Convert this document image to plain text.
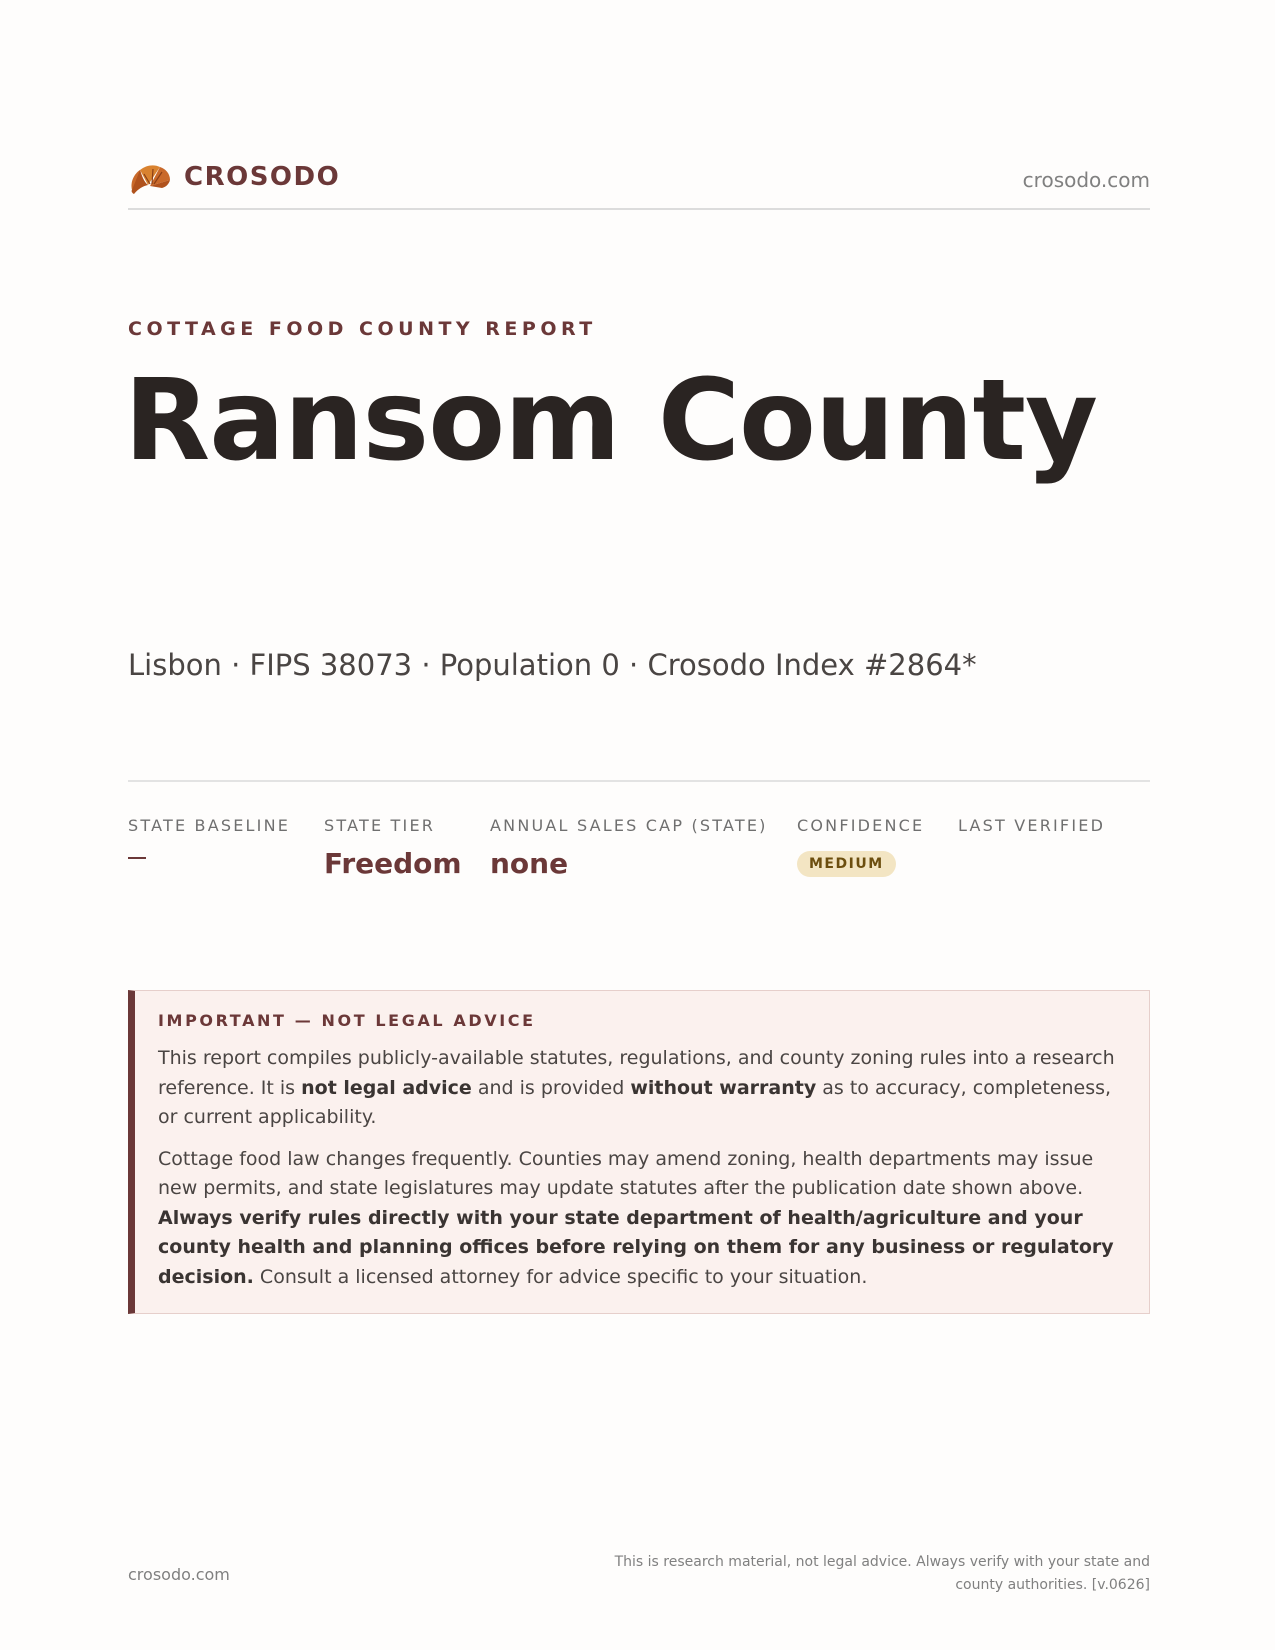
CROSODO	crosodo.com
COTTAGE FOOD COUNTY REPORT
Ransom County
Lisbon · FIPS 38073 · Population 0 · Crosodo Index #2864*
STATE BASELINE STATE TIER
Freedom
ANNUAL SALES CAP (STATE)
none
CONFIDENCE
MEDIUM
LAST VERIFIED
IMPORTANT — NOT LEGAL ADVICE

This report compiles publicly-available statutes, regulations, and county zoning rules into a research reference. It is not legal advice and is provided without warranty as to accuracy, completeness, or current applicability.

Cottage food law changes frequently. Counties may amend zoning, health departments may issue new permits, and state legislatures may update statutes after the publication date shown above. Always verify rules directly with your state department of health/agriculture and your county health and planning offices before relying on them for any business or regulatory decision. Consult a licensed attorney for advice specific to your situation.

crosodo.com
This is research material, not legal advice. Always verify with your state and county authorities. [v.0626]
